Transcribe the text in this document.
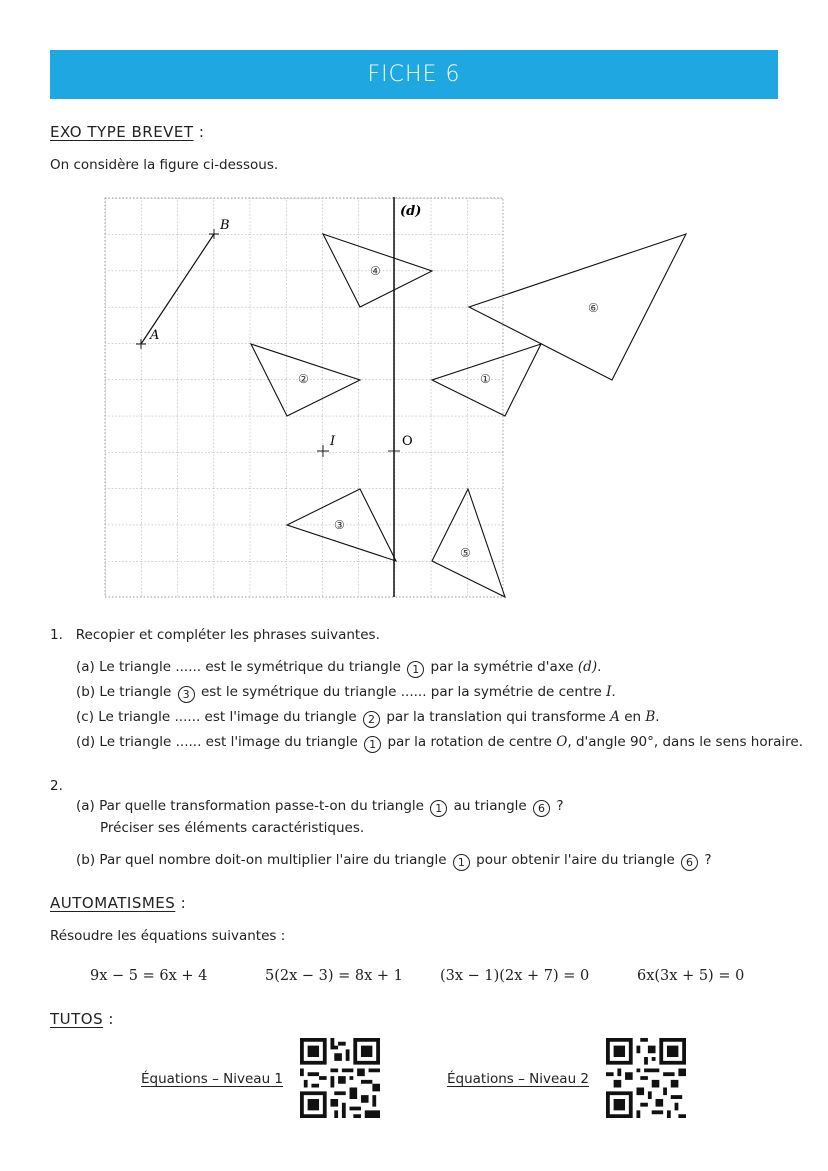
FICHE 6
EXO TYPE BREVET :
On considère la figure ci-dessous.
(d)
A
B
I	O
④
⑥
②	①
③
⑤
1. Recopier et compléter les phrases suivantes.
(a) Le triangle ...... est le symétrique du triangle 1 par la symétrie d'axe (d).
(b) Le triangle 3 est le symétrique du triangle ...... par la symétrie de centre I.
(c) Le triangle ...... est l'image du triangle 2 par la translation qui transforme A en B.
(d) Le triangle ...... est l'image du triangle 1 par la rotation de centre O, d'angle 90°, dans le sens horaire.
2.
(a) Par quelle transformation passe-t-on du triangle 1 au triangle 6 ?
Préciser ses éléments caractéristiques.
(b) Par quel nombre doit-on multiplier l'aire du triangle 1 pour obtenir l'aire du triangle 6 ?
AUTOMATISMES :
Résoudre les équations suivantes :
9x − 5 = 6x + 4	5(2x − 3) = 8x + 1	(3x − 1)(2x + 7) = 0	6x(3x + 5) = 0
TUTOS :
Équations – Niveau 1	Équations – Niveau 2
